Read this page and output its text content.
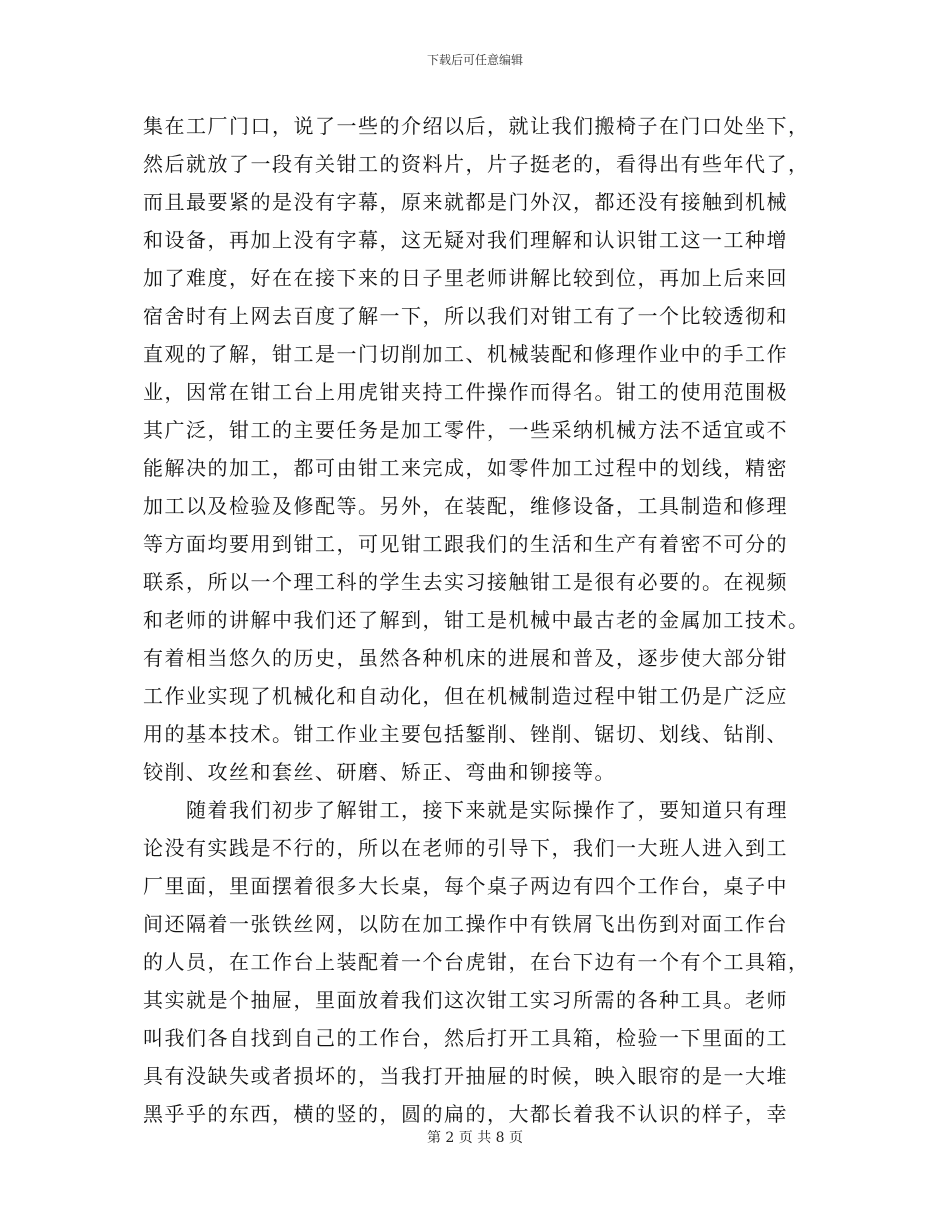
下载后可任意编辑
集在工厂门口，说了一些的介绍以后，就让我们搬椅子在门口处坐下，
然后就放了一段有关钳工的资料片，片子挺老的，看得出有些年代了，
而且最要紧的是没有字幕，原来就都是门外汉，都还没有接触到机械
和设备，再加上没有字幕，这无疑对我们理解和认识钳工这一工种增
加了难度，好在在接下来的日子里老师讲解比较到位，再加上后来回
宿舍时有上网去百度了解一下，所以我们对钳工有了一个比较透彻和
直观的了解，钳工是一门切削加工、机械装配和修理作业中的手工作
业，因常在钳工台上用虎钳夹持工件操作而得名。钳工的使用范围极
其广泛，钳工的主要任务是加工零件，一些采纳机械方法不适宜或不
能解决的加工，都可由钳工来完成，如零件加工过程中的划线，精密
加工以及检验及修配等。另外，在装配，维修设备，工具制造和修理
等方面均要用到钳工，可见钳工跟我们的生活和生产有着密不可分的
联系，所以一个理工科的学生去实习接触钳工是很有必要的。在视频
和老师的讲解中我们还了解到，钳工是机械中最古老的金属加工技术。
有着相当悠久的历史，虽然各种机床的进展和普及，逐步使大部分钳
工作业实现了机械化和自动化，但在机械制造过程中钳工仍是广泛应
用的基本技术。钳工作业主要包括錾削、锉削、锯切、划线、钻削、
铰削、攻丝和套丝、研磨、矫正、弯曲和铆接等。
　　随着我们初步了解钳工，接下来就是实际操作了，要知道只有理
论没有实践是不行的，所以在老师的引导下，我们一大班人进入到工
厂里面，里面摆着很多大长桌，每个桌子两边有四个工作台，桌子中
间还隔着一张铁丝网，以防在加工操作中有铁屑飞出伤到对面工作台
的人员，在工作台上装配着一个台虎钳，在台下边有一个有个工具箱，
其实就是个抽屉，里面放着我们这次钳工实习所需的各种工具。老师
叫我们各自找到自己的工作台，然后打开工具箱，检验一下里面的工
具有没缺失或者损坏的，当我打开抽屉的时候，映入眼帘的是一大堆
黑乎乎的东西，横的竖的，圆的扁的，大都长着我不认识的样子，幸
第 2 页 共 8 页
